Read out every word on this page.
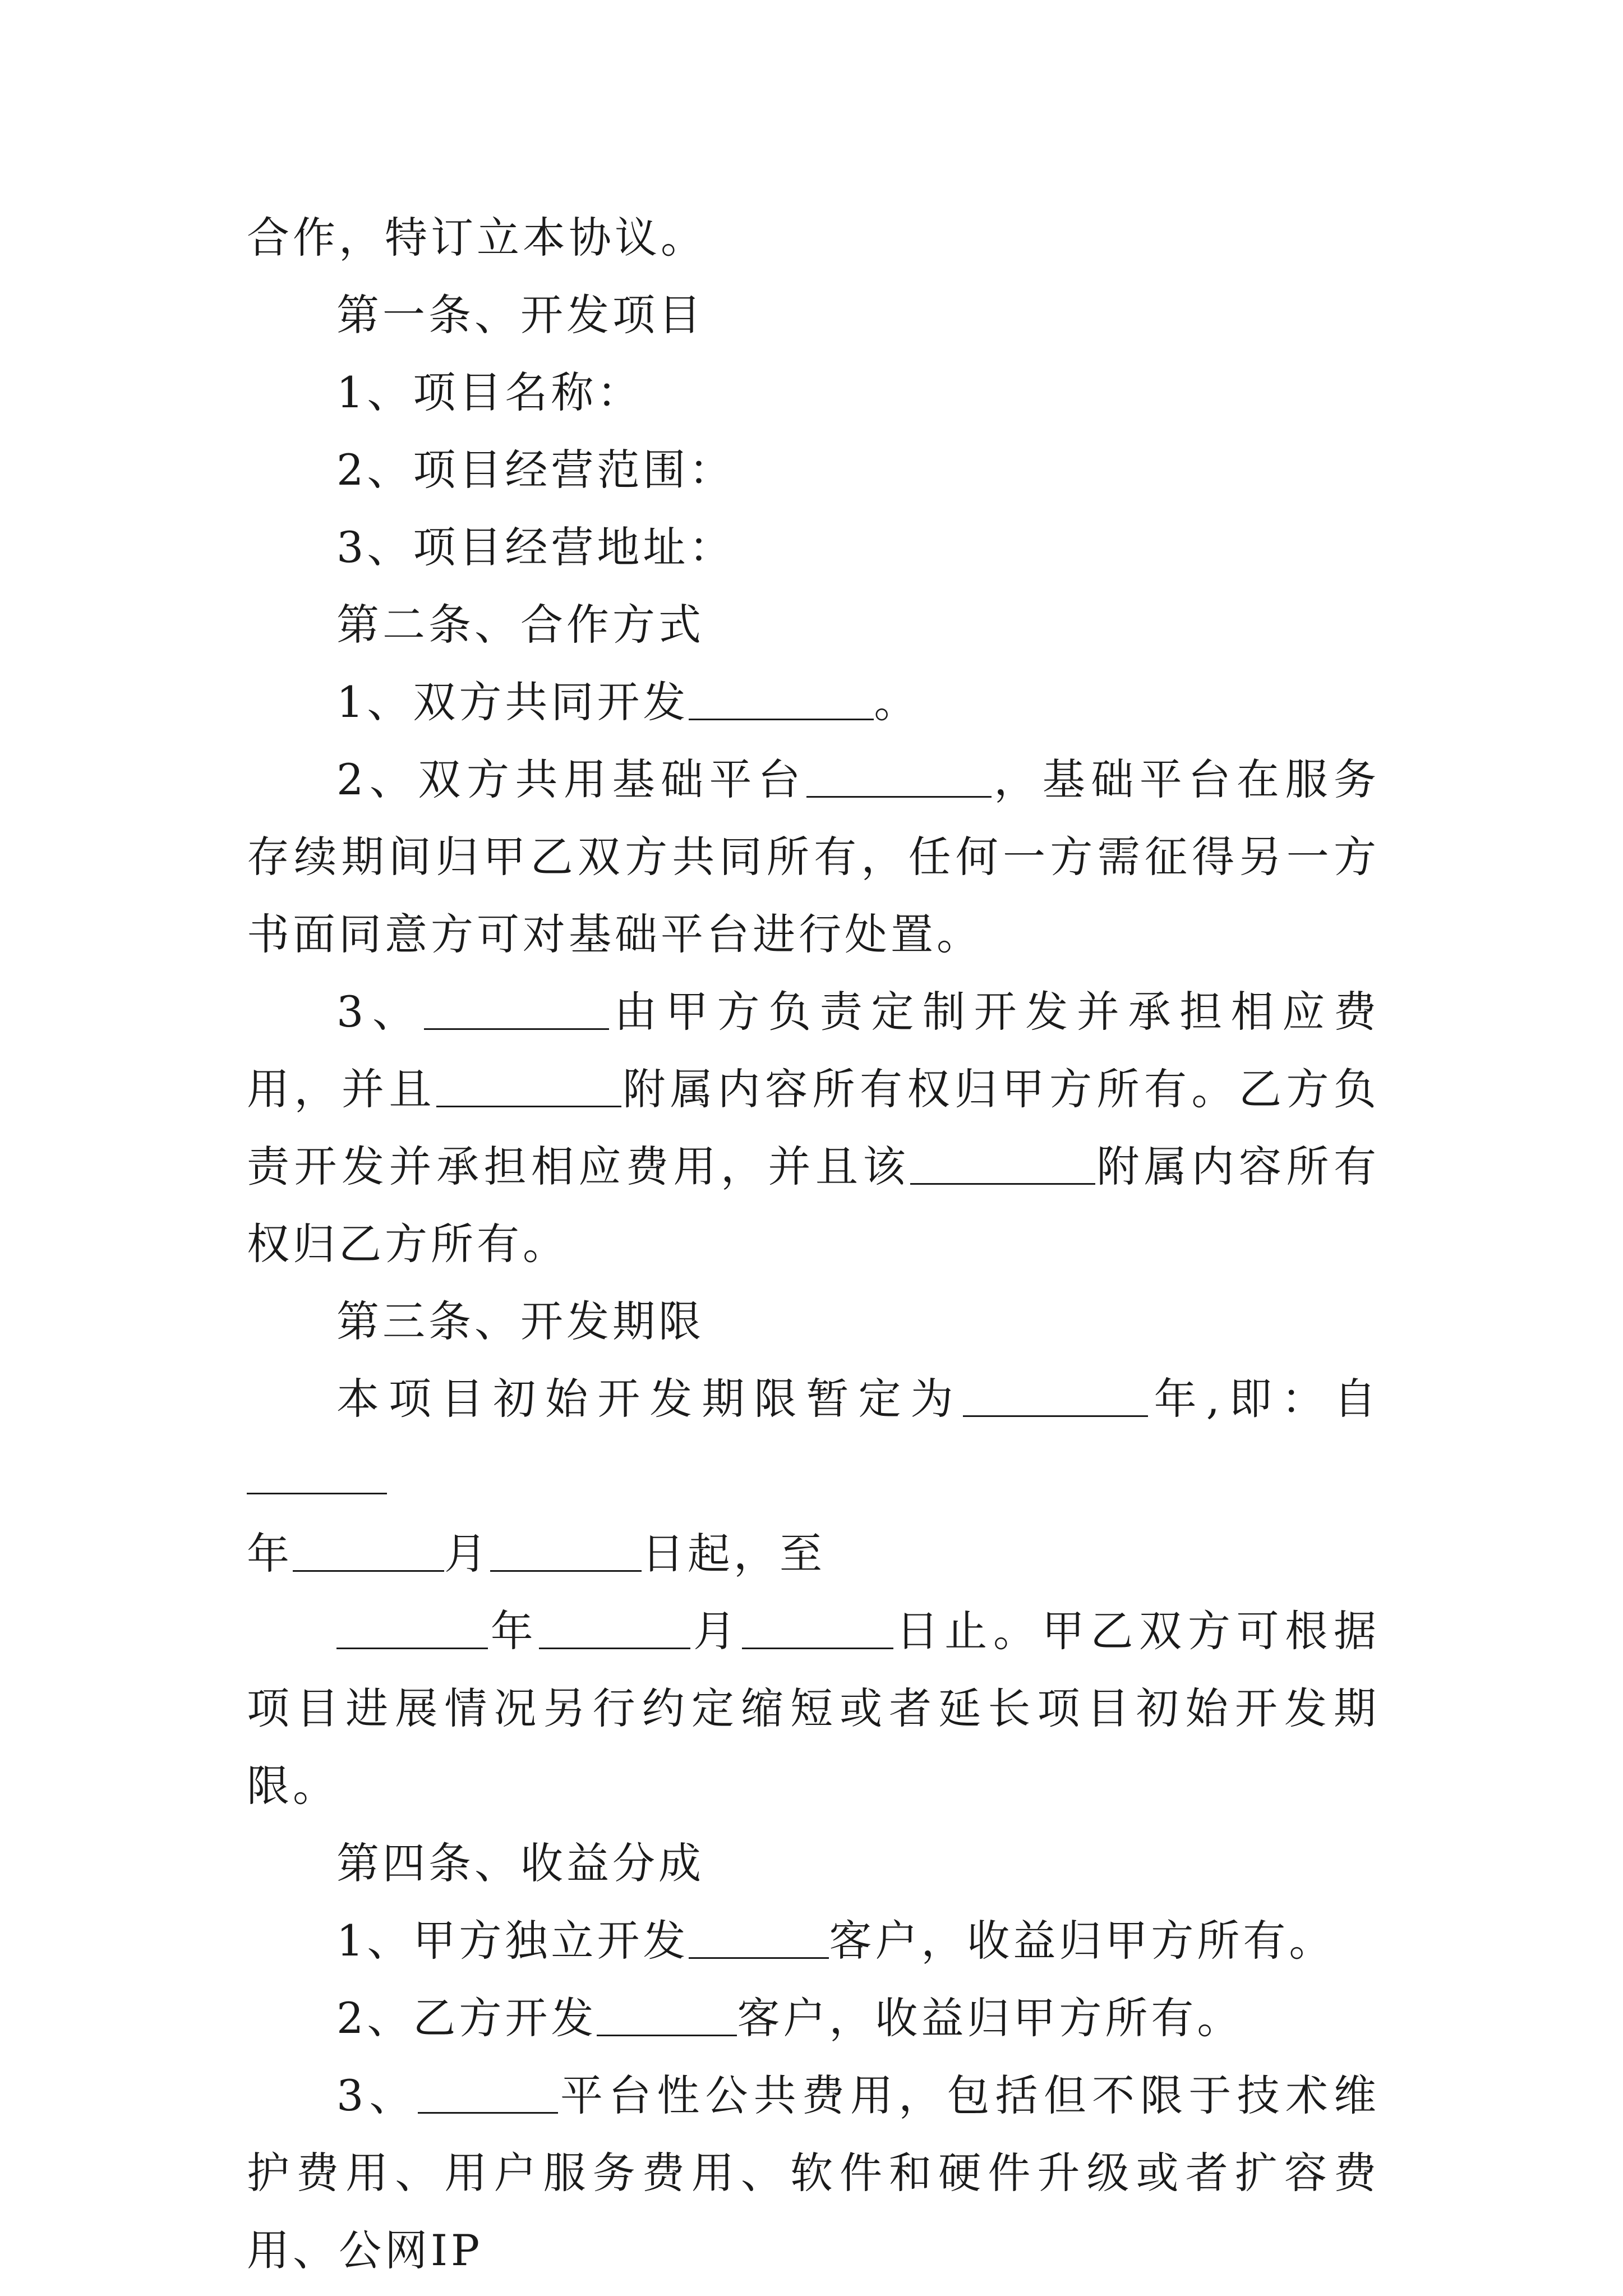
合作，特订立本协议。

第一条、开发项目

1、项目名称：

2、项目经营范围：

3、项目经营地址：

第二条、合作方式

1、双方共同开发	。

2、双方共用基础平台	，基础平台在服务存续期间归甲乙双方共同所有，任何一方需征得另一方书面同意方可对基础平台进行处置。

3、	由甲方负责定制开发并承担相应费用，并且	附属内容所有权归甲方所有。乙方负责开发并承担相应费用，并且该	附属内容所有权归乙方所有。

第三条、开发期限

本项目初始开发期限暂定为	年,即：自
年	月	日起，至

年	月	日止。甲乙双方可根据项目进展情况另行约定缩短或者延长项目初始开发期限。

第四条、收益分成

1、甲方独立开发	客户，收益归甲方所有。

2、乙方开发	客户，收益归甲方所有。

3、	平台性公共费用，包括但不限于技术维护费用、用户服务费用、软件和硬件升级或者扩容费用、公网IP
